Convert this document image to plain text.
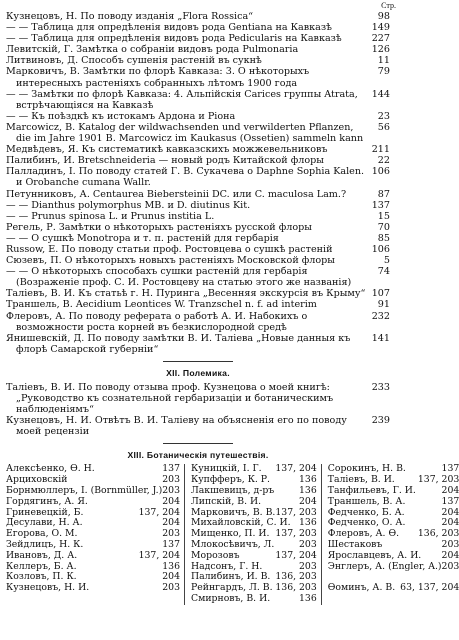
Стр.
Кузнецовъ, Н. По поводу изданія „Flora Rossica“	98
— — Таблица для опредѣленія видовъ рода Gentiana на Кавказѣ	149
— — Таблица для опредѣленія видовъ рода Pedicularis на Кавказѣ	227
Левитскій, Г. Замѣтка о собраніи видовъ рода Pulmonaria	126
Литвиновъ, Д. Способъ сушенія растеній въ сукнѣ	11
Марковичъ, В. Замѣтки по флорѣ Кавказа: 3. О нѣкоторыхъ интересныхъ растеніяхъ собранныхъ лѣтомъ 1900 года
79
— — Замѣтки по флорѣ Кавказа: 4. Альпійскія Carices группы Atrata, встрѣчающіяся на Кавказѣ
144
— — Къ поѣздкѣ къ истокамъ Ардона и Ріона	23
Marcowicz, B. Katalog der wildwachsenden und verwilderten Pflanzen, die im Jahre 1901 B. Marcowicz im Kaukasus (Ossetien) sammeln kann
56
Медвѣдевъ, Я. Къ систематикѣ кавказскихъ можжевельниковъ	211
Палибинъ, И. Bretschneideria — новый родъ Китайской флоры	22
Палладинъ, I. По поводу статей Г. В. Сукачева о Daphne Sophia Kalen. и Orobanche cumana Wallr.
106
Петунниковъ, А. Centaurea Biebersteinii DC. или C. maculosa Lam.?	87
— — Dianthus polymorphus MB. и D. diutinus Kit.	137
— — Prunus spinosa L. и Prunus institia L.	15
Регель, Р. Замѣтки о нѣкоторыхъ растеніяхъ русской флоры	70
— — О сушкѣ Monotropa и т. п. растеній для гербарія	85
Russow, E. По поводу статьи проф. Ростовцева о сушкѣ растеній	106
Сюзевъ, П. О нѣкоторыхъ новыхъ растеніяхъ Московской флоры	5
— — О нѣкоторыхъ способахъ сушки растеній для гербарія (Возраженіе проф. С. И. Ростовцеву на статью этого же названія)
74
Таліевъ, В. И. Къ статьѣ г. Н. Пуринга „Весенняя экскурсія въ Крыму“ 107
Траншель, В. Aecidium Leonticеs W. Tranzschel n. f. ad interim	91
Флеровъ, А. По поводу реферата о работѣ А. И. Набокихъ о возможности роста корней въ безкислородной средѣ
232
Янишевскій, Д. По поводу замѣтки В. И. Таліева „Новые данныя къ флорѣ Самарской губерніи“
141
XII. Полемика.
Таліевъ, В. И. По поводу отзыва проф. Кузнецова о моей книгѣ: „Руководство къ сознательной гербаризаціи и ботаническимъ наблюденіямъ“
233
Кузнецовъ, Н. И. Отвѣтъ В. И. Таліеву на объясненія его по поводу моей рецензіи
239
XIII. Ботаническія путешествія.
Алексѣенко, Ѳ. Н.	137
Арциховскій	203
Борнмюллеръ, I. (Bornmüller, J.) 203
Гордягинъ, А. Я.	204
Гриневецкій, Б.	137, 204
Десулави, Н. А.	204
Егорова, О. М.	203
Зейдлицъ, Н. К.	137
Ивановъ, Д. А.	137, 204
Келлеръ, Б. А.	136
Козловъ, П. К.	204
Кузнецовъ, Н. И.	203
Куницкій, I. Г. 137, 204
Купфферъ, К. Р.	136
Лакшевицъ, д-ръ	136
Липскій, В. И.	204
Марковичъ, В. В. 137, 203
Михайловскій, С. И. 136
Мищенко, П. И. 137, 203
Млокосѣвичъ, Л.	203
Морозовъ	137, 204
Надсонъ, Г. Н.	203
Палибинъ, И. В. 136, 203
Рейнгардъ, Л. В. 136, 203
Смирновъ, В. И.	136
Сорокинъ, Н. В.	137
Таліевъ, В. И. 137, 203
Танфильевъ, Г. И.	204
Траншель, В. А.	137
Федченко, Б. А.	204
Федченко, О. А.	204
Флеровъ, А. Ѳ. 136, 203
Шестаковъ	203
Ярославцевъ, А. И. 204
Энглеръ, А. (Engler, A.) 203

Ѳоминъ, А. В. 63, 137, 204
